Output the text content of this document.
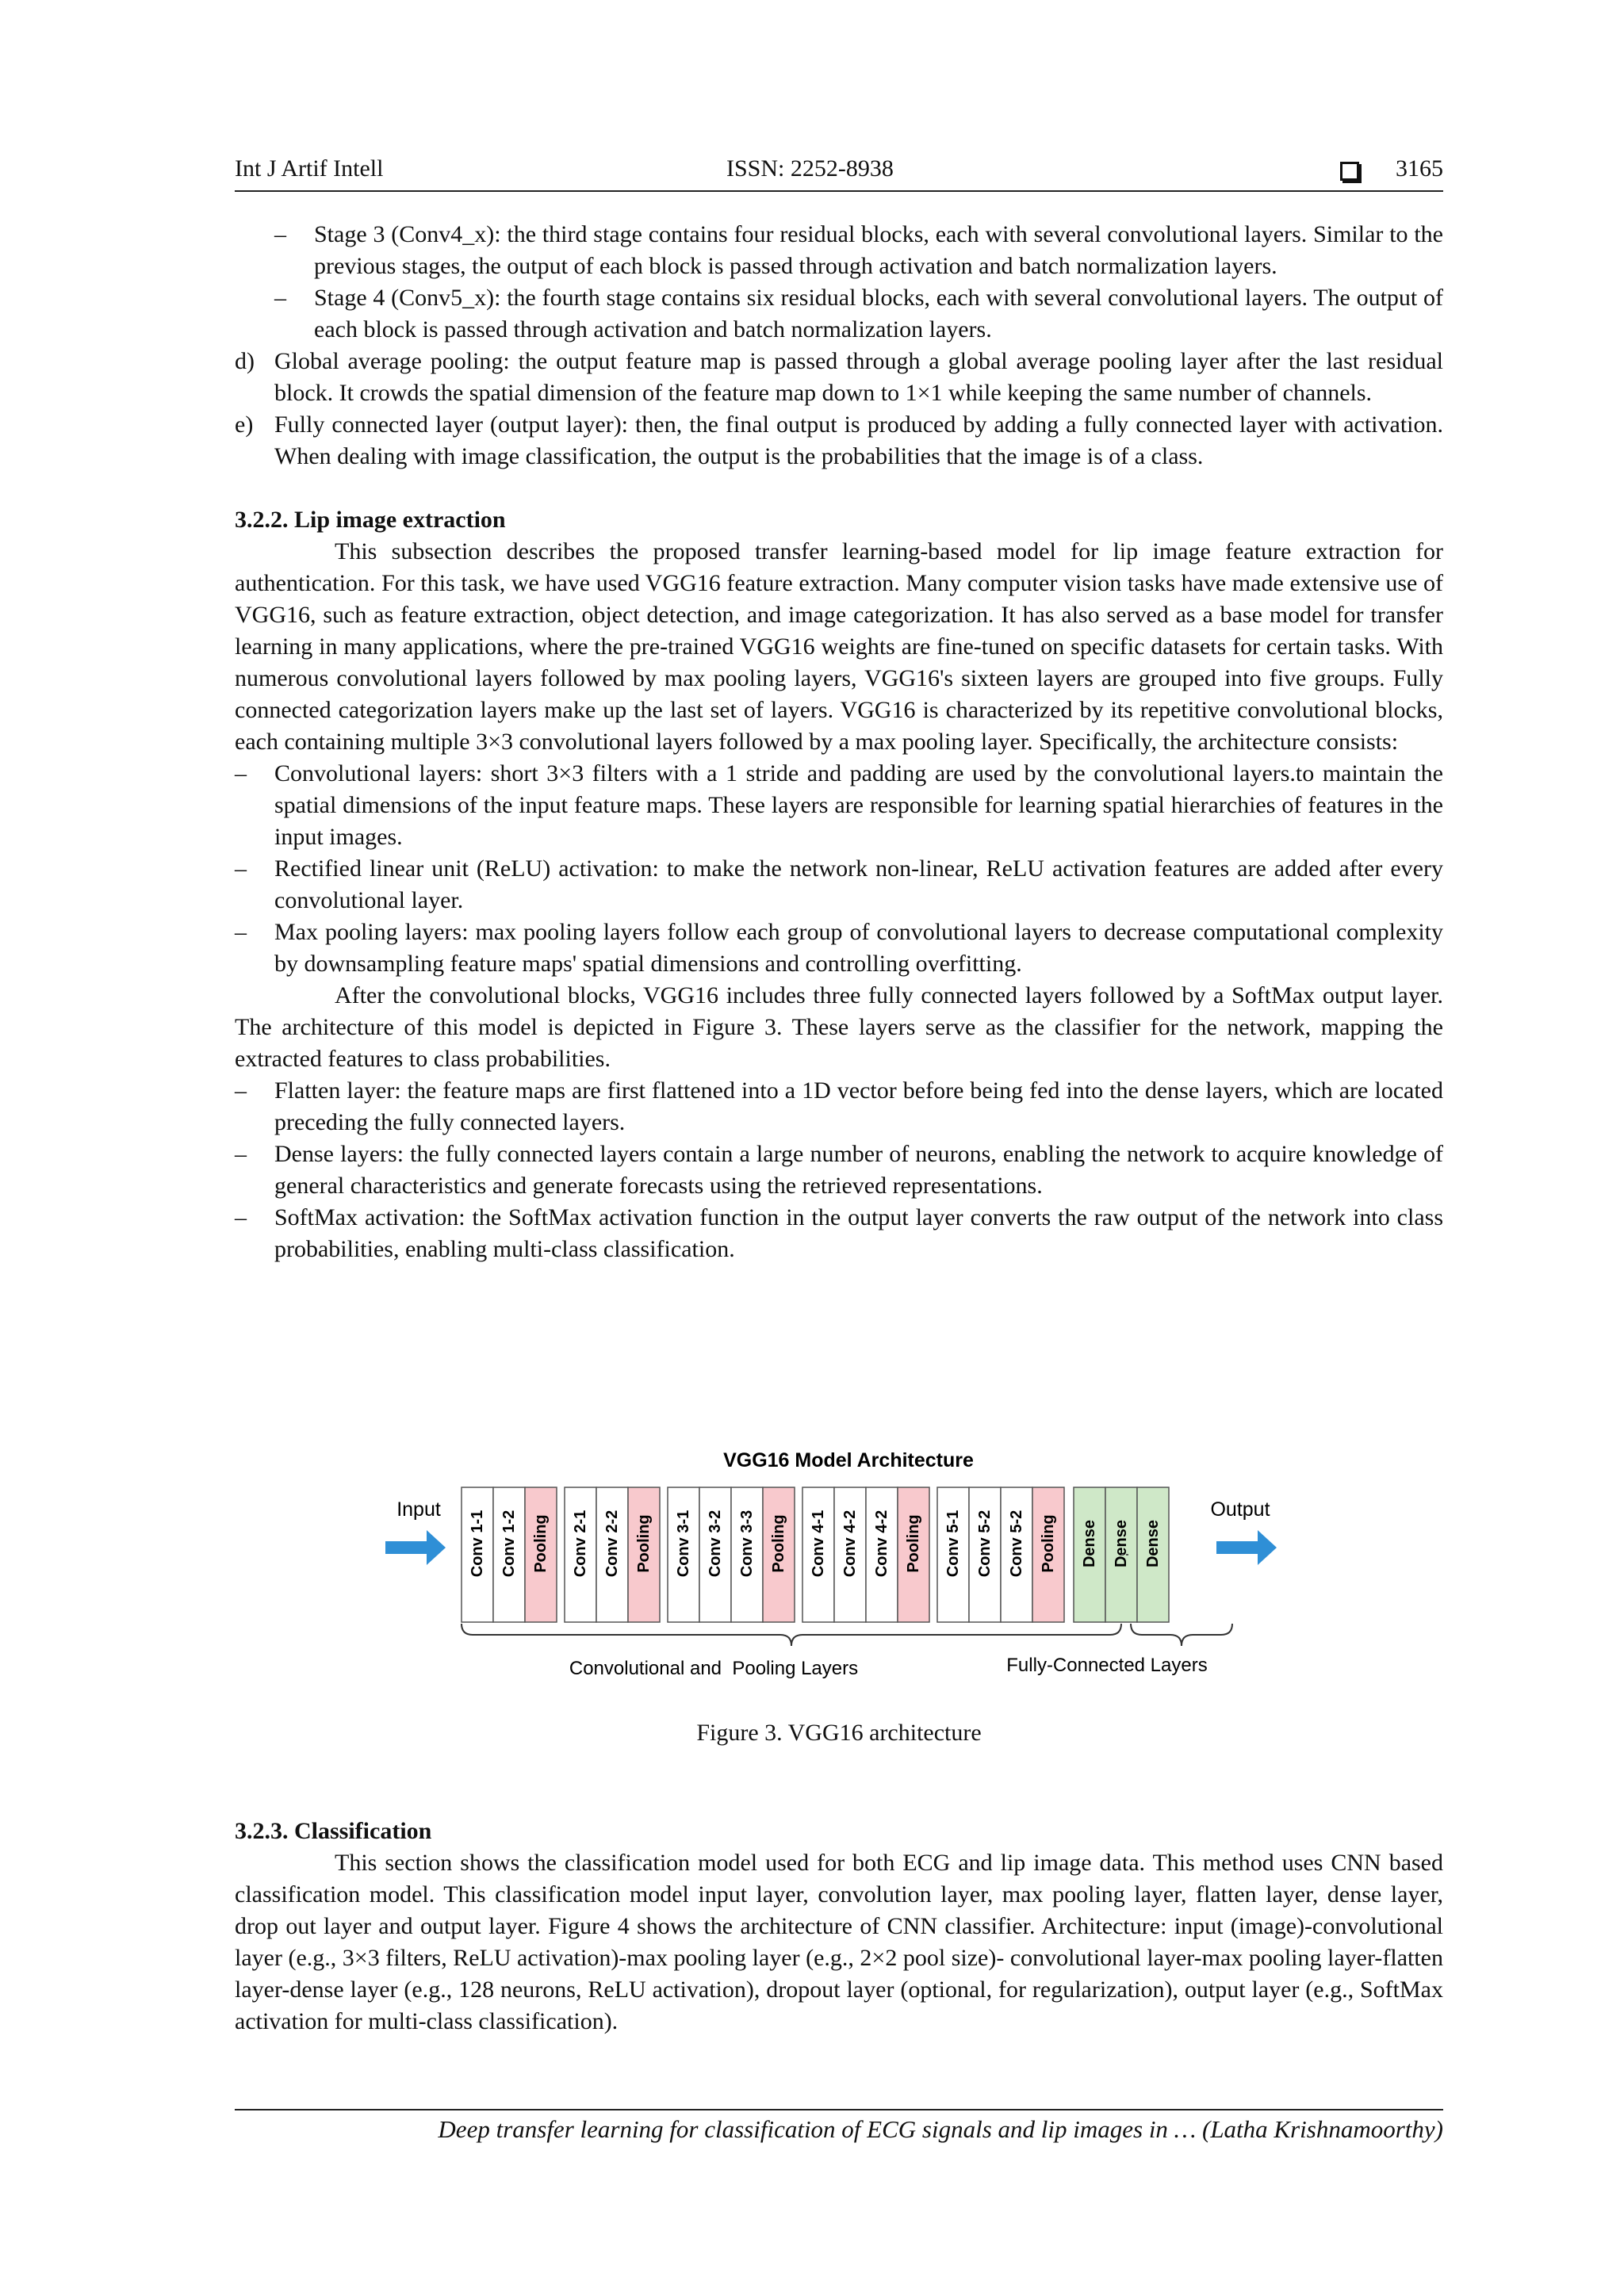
Int J Artif Intell	ISSN: 2252-8938	3165

– Stage 3 (Conv4_x): the third stage contains four residual blocks, each with several convolutional layers. Similar to the previous stages, the output of each block is passed through activation and batch normalization layers.

– Stage 4 (Conv5_x): the fourth stage contains six residual blocks, each with several convolutional layers. The output of each block is passed through activation and batch normalization layers.

d) Global average pooling: the output feature map is passed through a global average pooling layer after the last residual block. It crowds the spatial dimension of the feature map down to 1×1 while keeping the same number of channels.

e) Fully connected layer (output layer): then, the final output is produced by adding a fully connected layer with activation. When dealing with image classification, the output is the probabilities that the image is of a class.

3.2.2. Lip image extraction

This subsection describes the proposed transfer learning-based model for lip image feature extraction for authentication. For this task, we have used VGG16 feature extraction. Many computer vision tasks have made extensive use of VGG16, such as feature extraction, object detection, and image categorization. It has also served as a base model for transfer learning in many applications, where the pre-trained VGG16 weights are fine-tuned on specific datasets for certain tasks. With numerous convolutional layers followed by max pooling layers, VGG16's sixteen layers are grouped into five groups. Fully connected categorization layers make up the last set of layers. VGG16 is characterized by its repetitive convolutional blocks, each containing multiple 3×3 convolutional layers followed by a max pooling layer. Specifically, the architecture consists:

– Convolutional layers: short 3×3 filters with a 1 stride and padding are used by the convolutional layers.to maintain the spatial dimensions of the input feature maps. These layers are responsible for learning spatial hierarchies of features in the input images.

– Rectified linear unit (ReLU) activation: to make the network non-linear, ReLU activation features are added after every convolutional layer.

– Max pooling layers: max pooling layers follow each group of convolutional layers to decrease computational complexity by downsampling feature maps' spatial dimensions and controlling overfitting.

After the convolutional blocks, VGG16 includes three fully connected layers followed by a SoftMax output layer. The architecture of this model is depicted in Figure 3. These layers serve as the classifier for the network, mapping the extracted features to class probabilities.

– Flatten layer: the feature maps are first flattened into a 1D vector before being fed into the dense layers, which are located preceding the fully connected layers.

– Dense layers: the fully connected layers contain a large number of neurons, enabling the network to acquire knowledge of general characteristics and generate forecasts using the retrieved representations.

– SoftMax activation: the SoftMax activation function in the output layer converts the raw output of the network into class probabilities, enabling multi-class classification.

VGG16 Model Architecture
Input	Output
Conv 1-1 Conv 1-2 Pooling Conv 2-1 Conv 2-2 Pooling Conv 3-1 Conv 3-2 Conv 3-3 Pooling Conv 4-1 Conv 4-2 Conv 4-2 Pooling Conv 5-1 Conv 5-2 Conv 5-2 Pooling Dense Dense Dense
Convolutional and  Pooling Layers	Fully-Connected Layers

Figure 3. VGG16 architecture

3.2.3. Classification

This section shows the classification model used for both ECG and lip image data. This method uses CNN based classification model. This classification model input layer, convolution layer, max pooling layer, flatten layer, dense layer, drop out layer and output layer. Figure 4 shows the architecture of CNN classifier. Architecture: input (image)-convolutional layer (e.g., 3×3 filters, ReLU activation)-max pooling layer (e.g., 2×2 pool size)- convolutional layer-max pooling layer-flatten layer-dense layer (e.g., 128 neurons, ReLU activation), dropout layer (optional, for regularization), output layer (e.g., SoftMax activation for multi-class classification).

Deep transfer learning for classification of ECG signals and lip images in … (Latha Krishnamoorthy)
